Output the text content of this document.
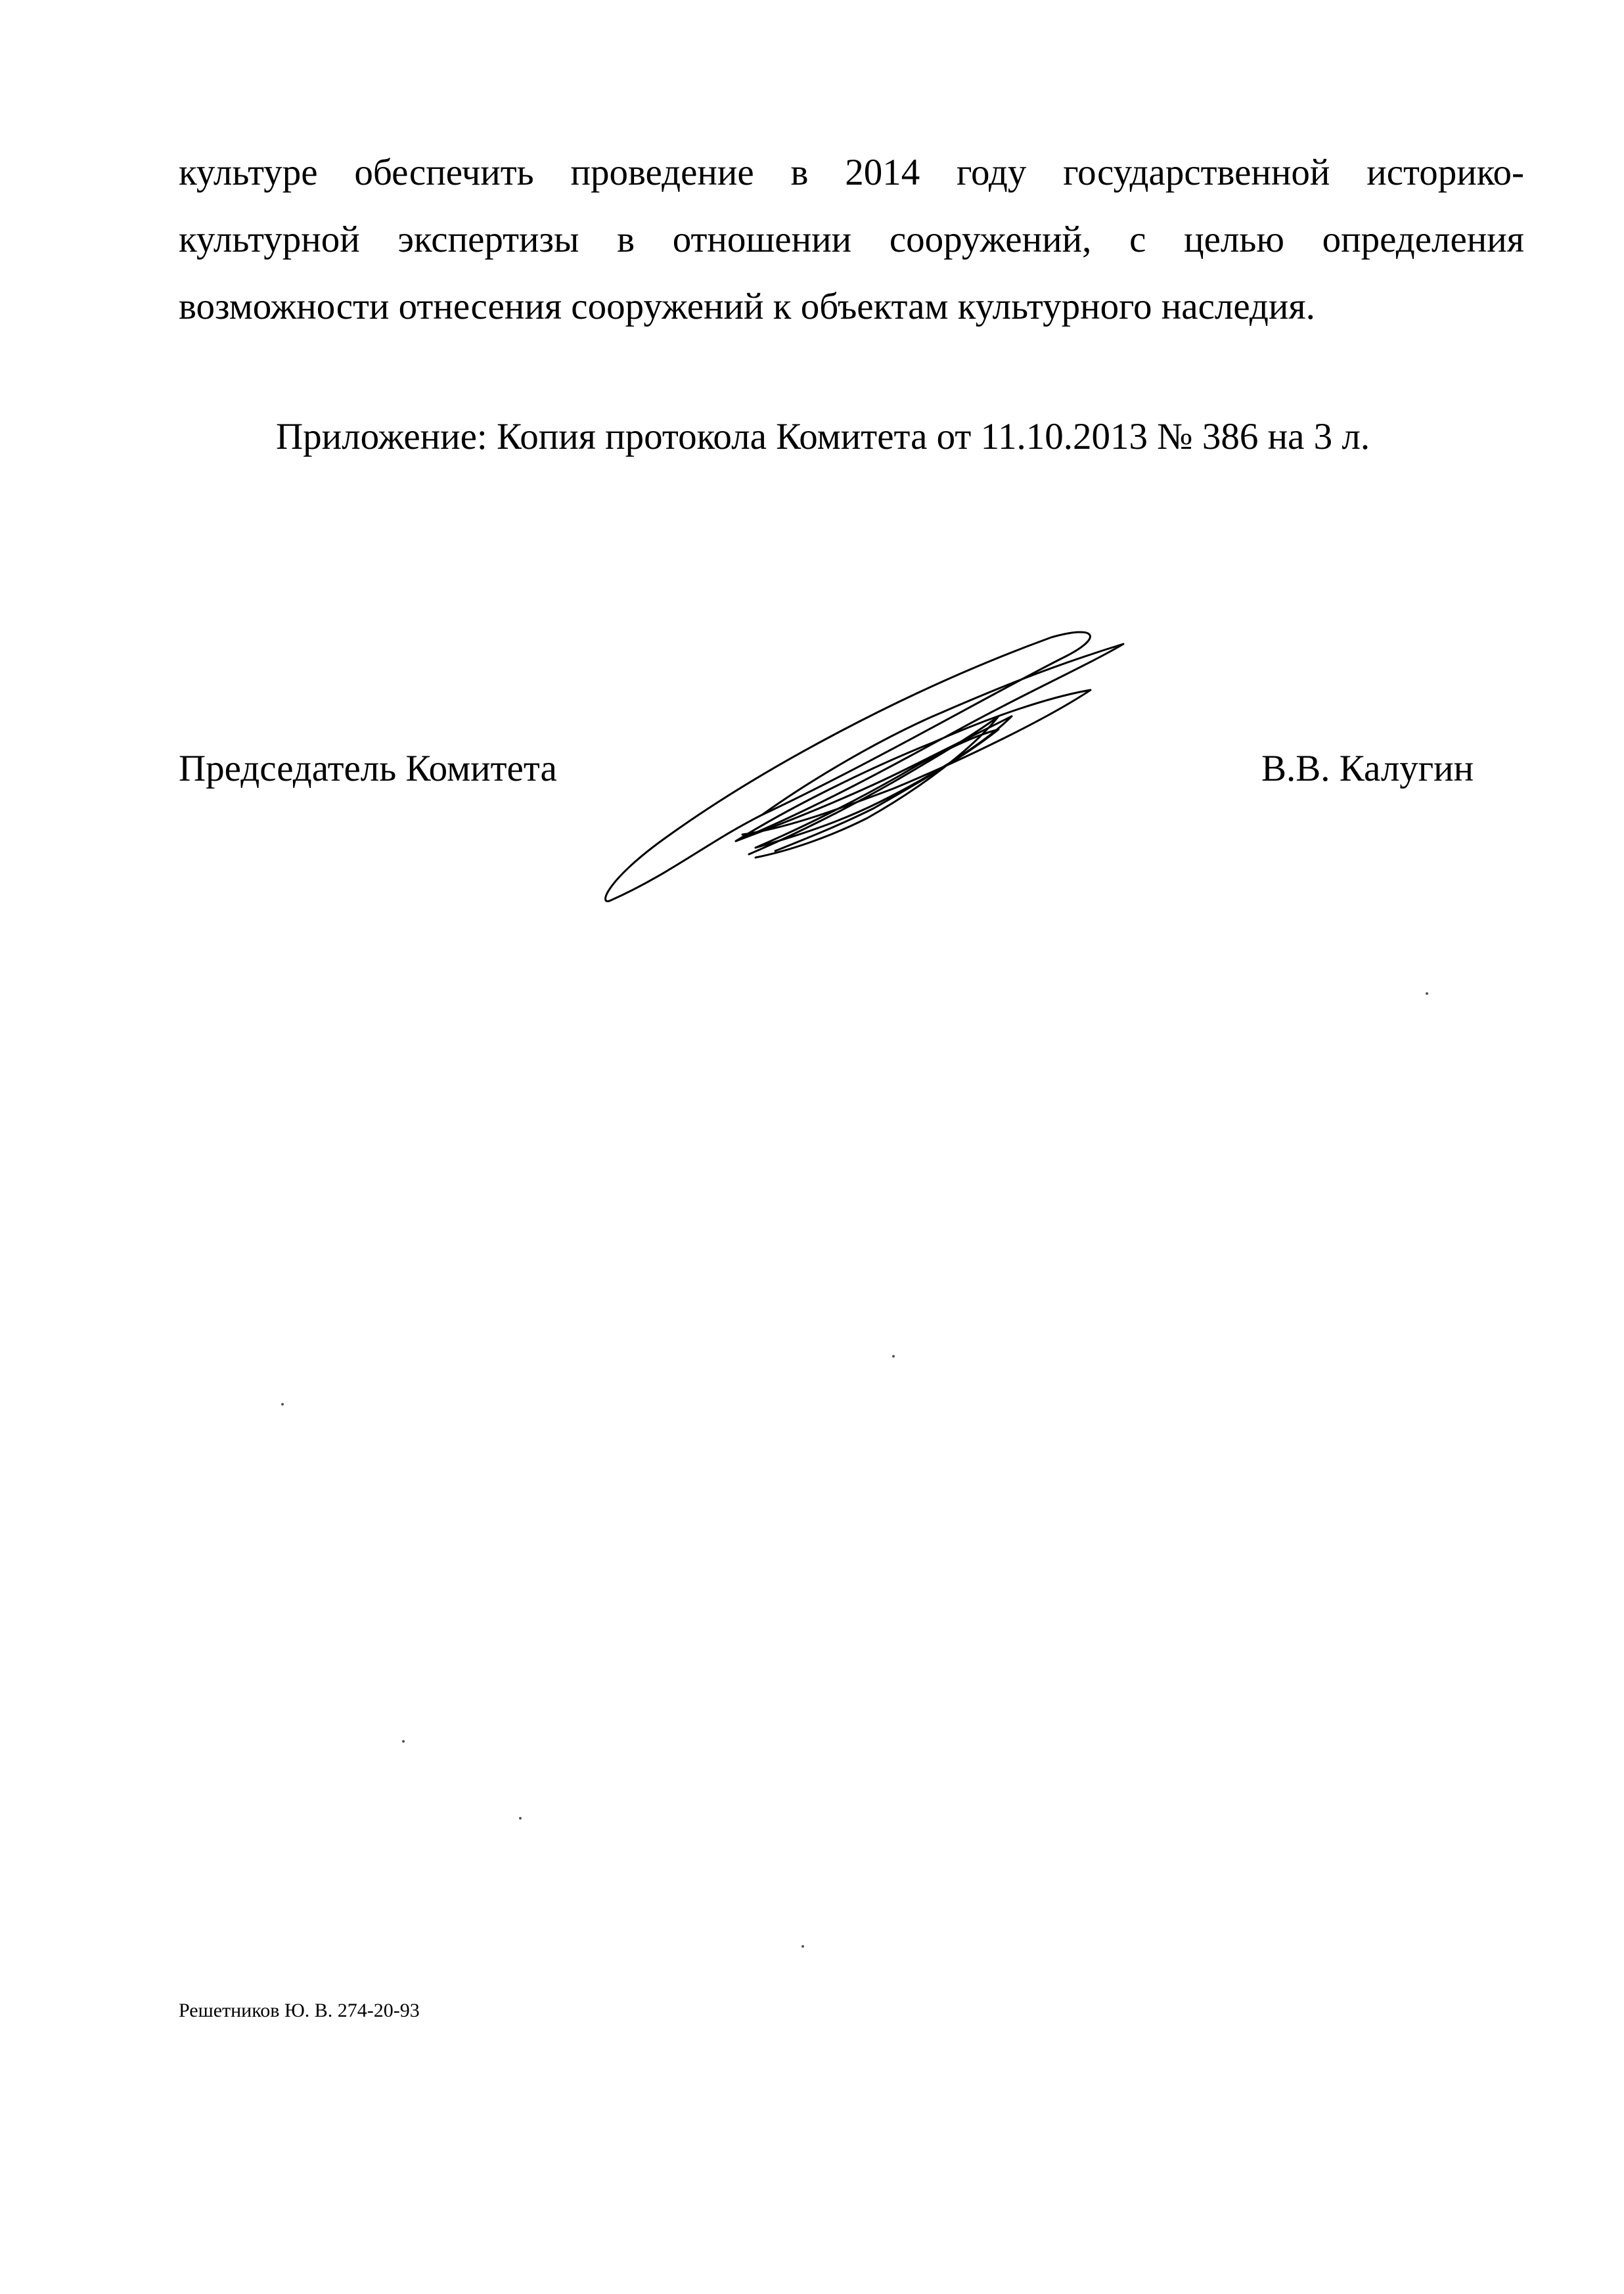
культуре обеспечить проведение в 2014 году государственной историко-
культурной экспертизы в отношении сооружений, с целью определения
возможности отнесения сооружений к объектам культурного наследия.
Приложение: Копия протокола Комитета от 11.10.2013 № 386 на 3 л.
Председатель Комитета	В.В. Калугин
Решетников Ю. В. 274-20-93
